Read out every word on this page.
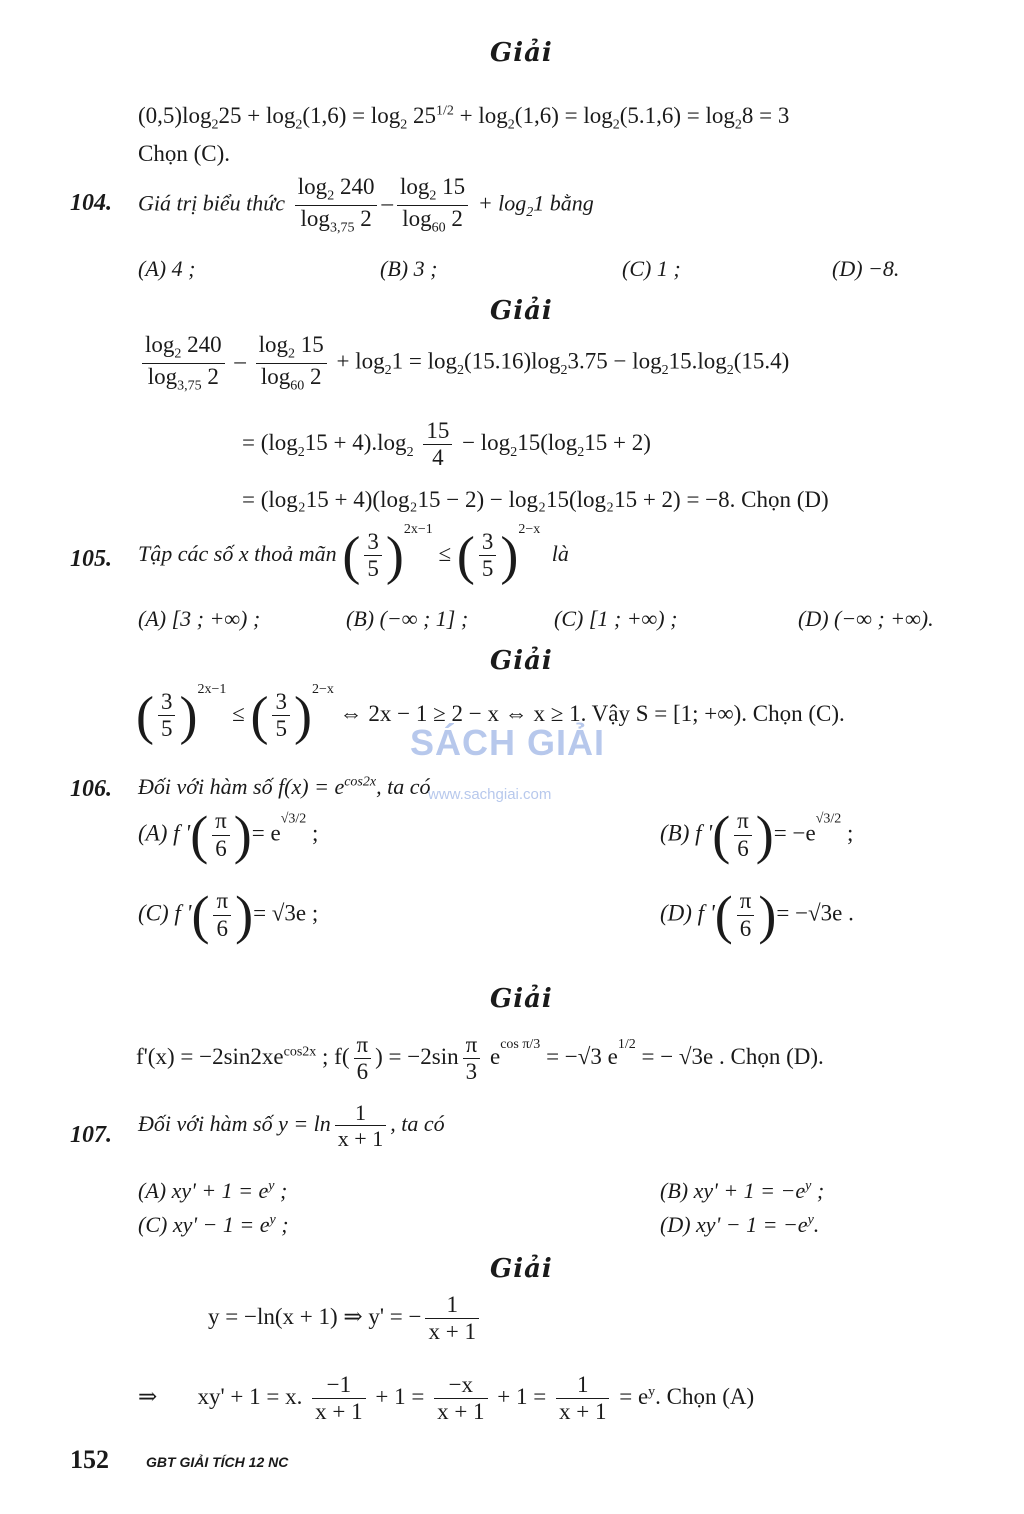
Giải
$(0,5)\log_225 + \log_2(1,6) = \log_2 25^{1/2} + \log_2(1,6) = \log_2(5.1,6) = \log_28 = 3$
Chọn (C).
104. Giá trị biểu thức $\frac{\log_2 240}{\log_{3,75} 2} - \frac{\log_2 15}{\log_{60} 2} + \log_21$ bằng
(A) 4 ;	(B) 3 ;	(C) 1 ;	(D) −8.
Giải
$\frac{\log_2 240}{\log_{3,75} 2} - \frac{\log_2 15}{\log_{60} 2} + \log_21 = \log_2(15.16)\log_23.75 - \log_215.\log_2(15.4)$
= $(\log_215 + 4).\log_2 \frac{15}{4} - \log_215(\log_215 + 2)$
= (log₂15 + 4)(log₂15 − 2) − log₂15(log₂15 + 2) = −8. Chọn (D)
105. Tập các số x thoả mãn ( $\frac{3}{5} )^{2x-1}$ ≤ ( $\frac{3}{5} )^{2-x}$  là
(A) [3 ; +∞) ;	(B) (−∞ ; 1] ;	(C) [1 ; +∞) ;	(D) (−∞ ; +∞).
Giải
( $\frac{3}{5} )^{2x-1}$ ≤ ( $\frac{3}{5} )^{2-x}$ ⇔ 2x − 1 ≥ 2 − x ⇔ x ≥ 1. Vậy S = [1; +∞). Chọn (C).
106. Đối với hàm số $f(x) = e^{cos2x}$, ta có
(A) f '( $\frac{\pi}{6}$ )= $e^{√3/2}$ ;	(B) f '( $\frac{\pi}{6}$ )= $-e^{√3/2}$ ;
(C) f '( $\frac{\pi}{6}$ )= √3e ;	(D) f '( $\frac{\pi}{6}$ )= −√3e .
Giải
$f'(x) = -2\sin 2xe^{cos2x}$ ; $f( \frac{\pi}{6}$ ) = $-2\sin \frac{\pi}{3} e^{cos \pi/3} = -√3$ $e^{1/2}$ = − √3e . Chọn (D).
107. Đối với hàm số $y = \ln \frac{1}{x + 1}$ , ta có
(A) $xy' + 1 = e^y$ ;	(B) $xy' + 1 = -e^y$ ;
(C) $xy' - 1 = e^y$ ;	(D) $xy' - 1 = -e^y$.
Giải
y = −ln(x + 1) ⇒ y' = − $\frac{1}{x + 1}$
⇒ xy' + 1 = x. $\frac{-1}{x + 1} + 1 = \frac{-x}{x + 1} + 1 = \frac{1}{x + 1} = e^y$. Chọn (A)
SÁCH GIẢI
www.sachgiai.com
152	GBT GIẢI TÍCH 12 NC
